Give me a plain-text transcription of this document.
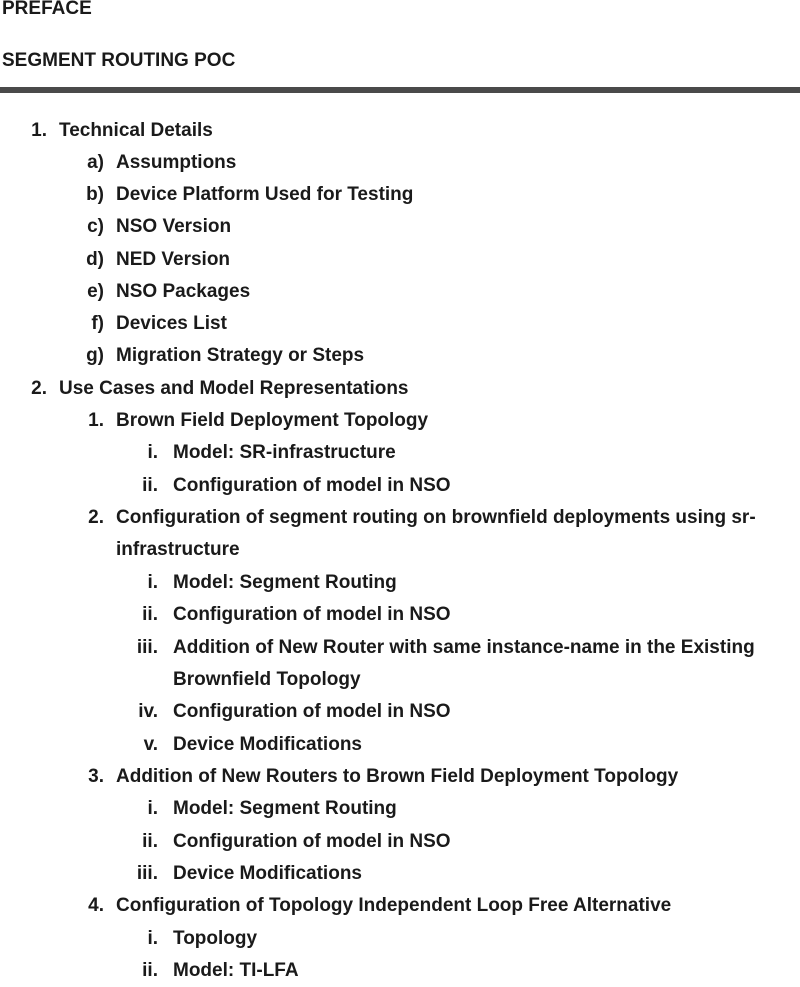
PREFACE
SEGMENT ROUTING POC
1. Technical Details
a) Assumptions
b) Device Platform Used for Testing
c) NSO Version
d) NED Version
e) NSO Packages
f) Devices List
g) Migration Strategy or Steps
2. Use Cases and Model Representations
1. Brown Field Deployment Topology
i. Model: SR-infrastructure
ii. Configuration of model in NSO
2. Configuration of segment routing on brownfield deployments using sr-
infrastructure
i. Model: Segment Routing
ii. Configuration of model in NSO
iii. Addition of New Router with same instance-name in the Existing
Brownfield Topology
iv. Configuration of model in NSO
v. Device Modifications
3. Addition of New Routers to Brown Field Deployment Topology
i. Model: Segment Routing
ii. Configuration of model in NSO
iii. Device Modifications
4. Configuration of Topology Independent Loop Free Alternative
i. Topology
ii. Model: TI-LFA
